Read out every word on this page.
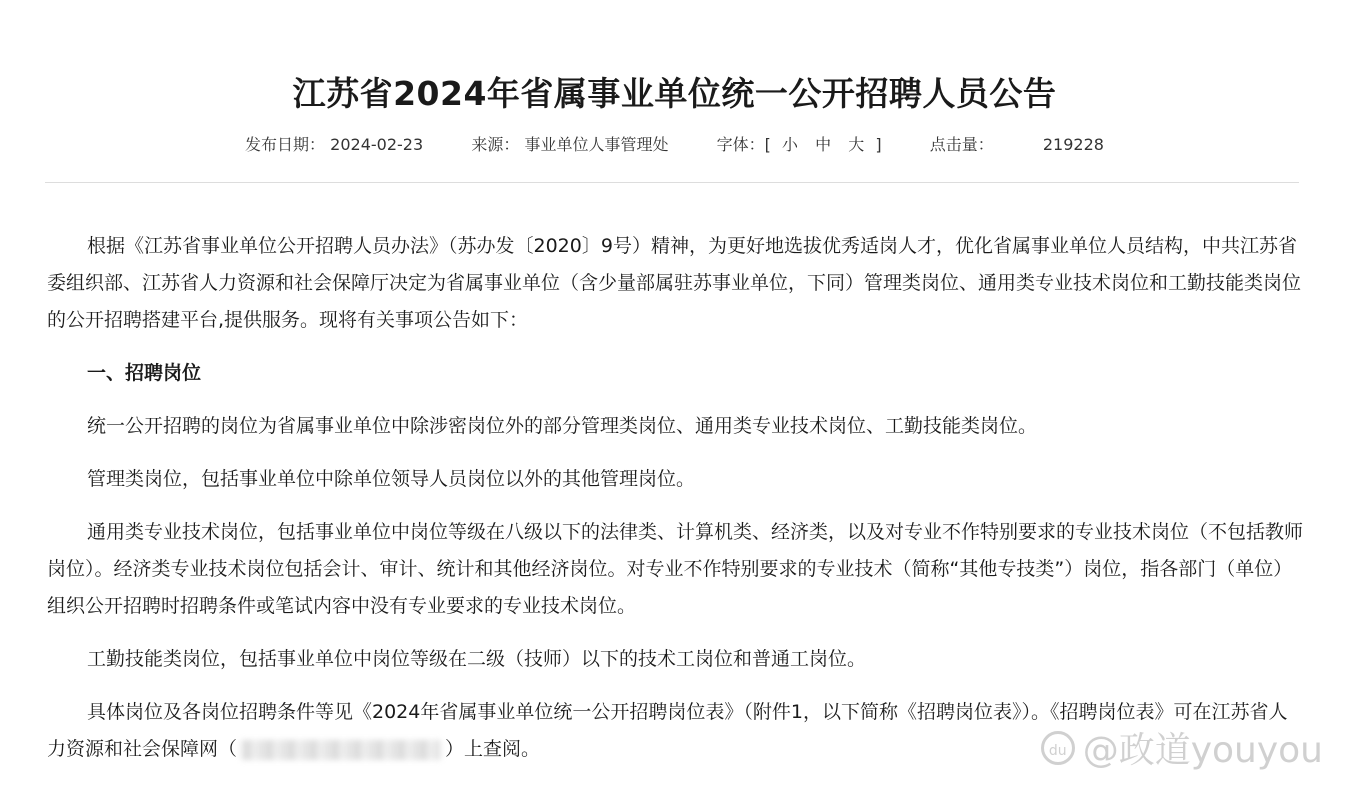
江苏省2024年省属事业单位统一公开招聘人员公告
发布日期： 2024-02-23	来源： 事业单位人事管理处	字体：[ 小 中 大 ]	点击量：	219228

根据《江苏省事业单位公开招聘人员办法》（苏办发〔2020〕9号）精神，为更好地选拔优秀适岗人才，优化省属事业单位人员结构，中共江苏省委组织部、江苏省人力资源和社会保障厅决定为省属事业单位（含少量部属驻苏事业单位，下同）管理类岗位、通用类专业技术岗位和工勤技能类岗位的公开招聘搭建平台,提供服务。现将有关事项公告如下：

一、招聘岗位

统一公开招聘的岗位为省属事业单位中除涉密岗位外的部分管理类岗位、通用类专业技术岗位、工勤技能类岗位。

管理类岗位，包括事业单位中除单位领导人员岗位以外的其他管理岗位。

通用类专业技术岗位，包括事业单位中岗位等级在八级以下的法律类、计算机类、经济类，以及对专业不作特别要求的专业技术岗位（不包括教师岗位）。经济类专业技术岗位包括会计、审计、统计和其他经济岗位。对专业不作特别要求的专业技术（简称“其他专技类”）岗位，指各部门（单位）组织公开招聘时招聘条件或笔试内容中没有专业要求的专业技术岗位。

工勤技能类岗位，包括事业单位中岗位等级在二级（技师）以下的技术工岗位和普通工岗位。

具体岗位及各岗位招聘条件等见《2024年省属事业单位统一公开招聘岗位表》（附件1，以下简称《招聘岗位表》）。《招聘岗位表》可在江苏省人力资源和社会保障网（	）上查阅。	du @政道youyou
